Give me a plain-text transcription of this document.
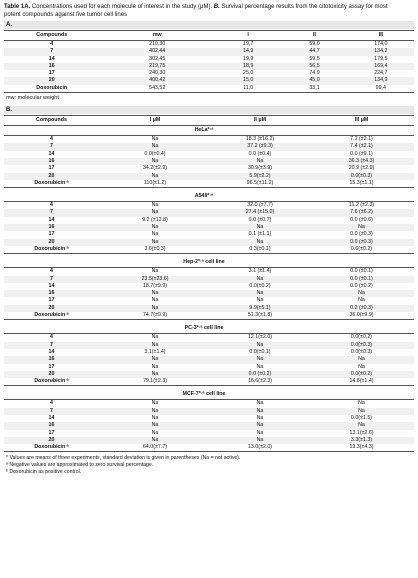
Table 1A. Concentrations used for each molecule of interest in the study (μM). B. Survival percentage results from the citotoxicity assay for most potent compounds against five tumor cell lines
A.
Compounds	mw	I	II	III
4	210,30	19,7	59,0	174,0
7	402,44	14,9	44,7	134,2
14	302,45	19,9	59,5	179,5
16	219,75	18,9	56,5	169,4
17	240,30	25,0	74,9	224,7
20	400,42	15,0	45,0	134,9
Doxorubicin	543,52	11,0	33,1	99,4
mw: molecular weight
B.
Compounds	I μM	II μM	III μM
	HeLa*·ᵃ		
4	Na	18.3 (±16.2)	7.2 (±2.1)
7	Na	37.2 (±9.3)	7.4 (±2.1)
14	0.0(±0.4)	0.0 (±0.4)	0.0 (±9.1)
16	Na	Na	36.3 (±4.3)
17	34.2(±2.9)	30.9(±3.9)	20.9 (±2.9)
20	Na	5.9(±2.2)	0.0(±0.3)
Doxorubicin ᵃ	110(±1.2)	96.5(±11.2)	15.3(±1.1)

	A549*·ᵃ		
4	Na	32.0 (±7.7)	11.2 (±2.3)
7	Na	27.4 (±15.0)	7.6 (±6.2)
14	9.2 (±12.8)	0.0 (±0.7)	0.0 (±0.6)
16	Na	Na	Na
17	Na	0.1 (±1.1)	0.0 (±0.3)
20	Na	Na	0.0 (±0.3)
Doxorubicin ᵃ	3.6(±0.3)	0.3(±0.1)	0.6(±0.2)

	Hep-2*·ᵃ cell line		
4	Na	3.1 (±1.4)	0.0 (±0.1)
7	23.5(±23.6)	Na	0.0 (±0.1)
14	18.7(±9.9)	0.0(±0.2)	0.0 (±0.2)
16	Na	Na	Na
17	Na	Na	Na
20	Na	9.9(±5.1)	0.2 (±0.3)
Doxorubicin ᵃ	74.7(±0.9)	51.3(±1.8)	36.0(±9.9)

	PC-3*·ᵃ cell line		
4	Na	12.1(±2.0)	0.0(±0.2)
7	Na	Na	0.0(±0.3)
14	3.1(±1.4)	0.0(±0.1)	0.0(±0.3)
16	Na	Na	Na
17	Na	Na	Na
20	Na	0.0 (±0.2)	0.0(±0.2)
Doxorubicin ᵃ	79.1(±2.3)	16.6(±2.3)	14.8(±1.4)

	MCF-7*·ᵃ cell line		
4	Na	Na	Na
7	Na	Na	Na
14	Na	Na	0.0(±1.5)
16	Na	Na	Na
17	Na	Na	13.1(±2.6)
20	Na	Na	3.3(±1.3)
Doxorubicin ᵃ	64.0(±7.7)	13.0(±2.0)	19.3(±4.3)
* Values are means of three experiments, standard deviation is given in parentheses (Na = not active).
ᵃ Negative values are approximated to zero survival percentage.
ᵇ Doxorubicin as positive control.
